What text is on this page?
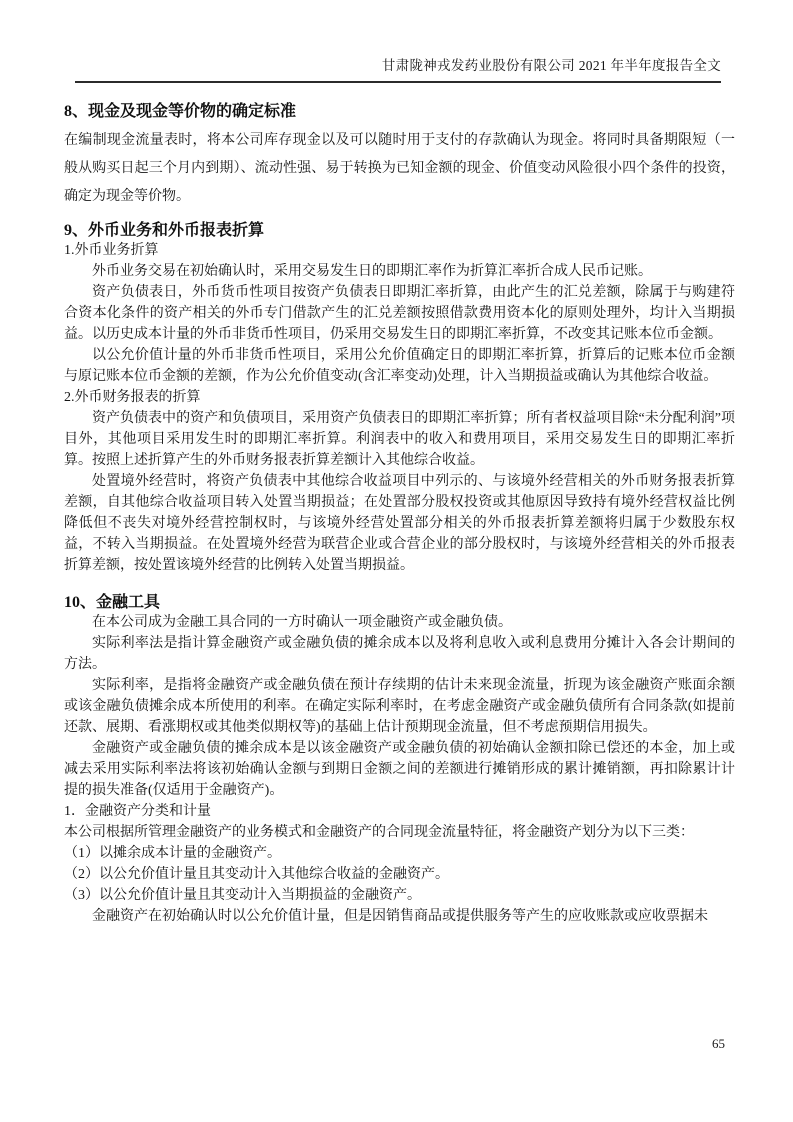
甘肃陇神戎发药业股份有限公司 2021 年半年度报告全文
8、现金及现金等价物的确定标准

在编制现金流量表时，将本公司库存现金以及可以随时用于支付的存款确认为现金。将同时具备期限短（一般从购买日起三个月内到期）、流动性强、易于转换为已知金额的现金、价值变动风险很小四个条件的投资，确定为现金等价物。

9、外币业务和外币报表折算

1.外币业务折算

外币业务交易在初始确认时，采用交易发生日的即期汇率作为折算汇率折合成人民币记账。

资产负债表日，外币货币性项目按资产负债表日即期汇率折算，由此产生的汇兑差额，除属于与购建符合资本化条件的资产相关的外币专门借款产生的汇兑差额按照借款费用资本化的原则处理外，均计入当期损益。以历史成本计量的外币非货币性项目，仍采用交易发生日的即期汇率折算，不改变其记账本位币金额。

以公允价值计量的外币非货币性项目，采用公允价值确定日的即期汇率折算，折算后的记账本位币金额与原记账本位币金额的差额，作为公允价值变动(含汇率变动)处理，计入当期损益或确认为其他综合收益。

2.外币财务报表的折算

资产负债表中的资产和负债项目，采用资产负债表日的即期汇率折算；所有者权益项目除“未分配利润”项目外，其他项目采用发生时的即期汇率折算。利润表中的收入和费用项目，采用交易发生日的即期汇率折算。按照上述折算产生的外币财务报表折算差额计入其他综合收益。

处置境外经营时，将资产负债表中其他综合收益项目中列示的、与该境外经营相关的外币财务报表折算差额，自其他综合收益项目转入处置当期损益；在处置部分股权投资或其他原因导致持有境外经营权益比例降低但不丧失对境外经营控制权时，与该境外经营处置部分相关的外币报表折算差额将归属于少数股东权益，不转入当期损益。在处置境外经营为联营企业或合营企业的部分股权时，与该境外经营相关的外币报表折算差额，按处置该境外经营的比例转入处置当期损益。

10、金融工具

在本公司成为金融工具合同的一方时确认一项金融资产或金融负债。

实际利率法是指计算金融资产或金融负债的摊余成本以及将利息收入或利息费用分摊计入各会计期间的方法。

实际利率，是指将金融资产或金融负债在预计存续期的估计未来现金流量，折现为该金融资产账面余额或该金融负债摊余成本所使用的利率。在确定实际利率时，在考虑金融资产或金融负债所有合同条款(如提前还款、展期、看涨期权或其他类似期权等)的基础上估计预期现金流量，但不考虑预期信用损失。

金融资产或金融负债的摊余成本是以该金融资产或金融负债的初始确认金额扣除已偿还的本金，加上或减去采用实际利率法将该初始确认金额与到期日金额之间的差额进行摊销形成的累计摊销额，再扣除累计计提的损失准备(仅适用于金融资产)。

1．金融资产分类和计量

本公司根据所管理金融资产的业务模式和金融资产的合同现金流量特征，将金融资产划分为以下三类：

（1）以摊余成本计量的金融资产。

（2）以公允价值计量且其变动计入其他综合收益的金融资产。

（3）以公允价值计量且其变动计入当期损益的金融资产。

金融资产在初始确认时以公允价值计量，但是因销售商品或提供服务等产生的应收账款或应收票据未

65
